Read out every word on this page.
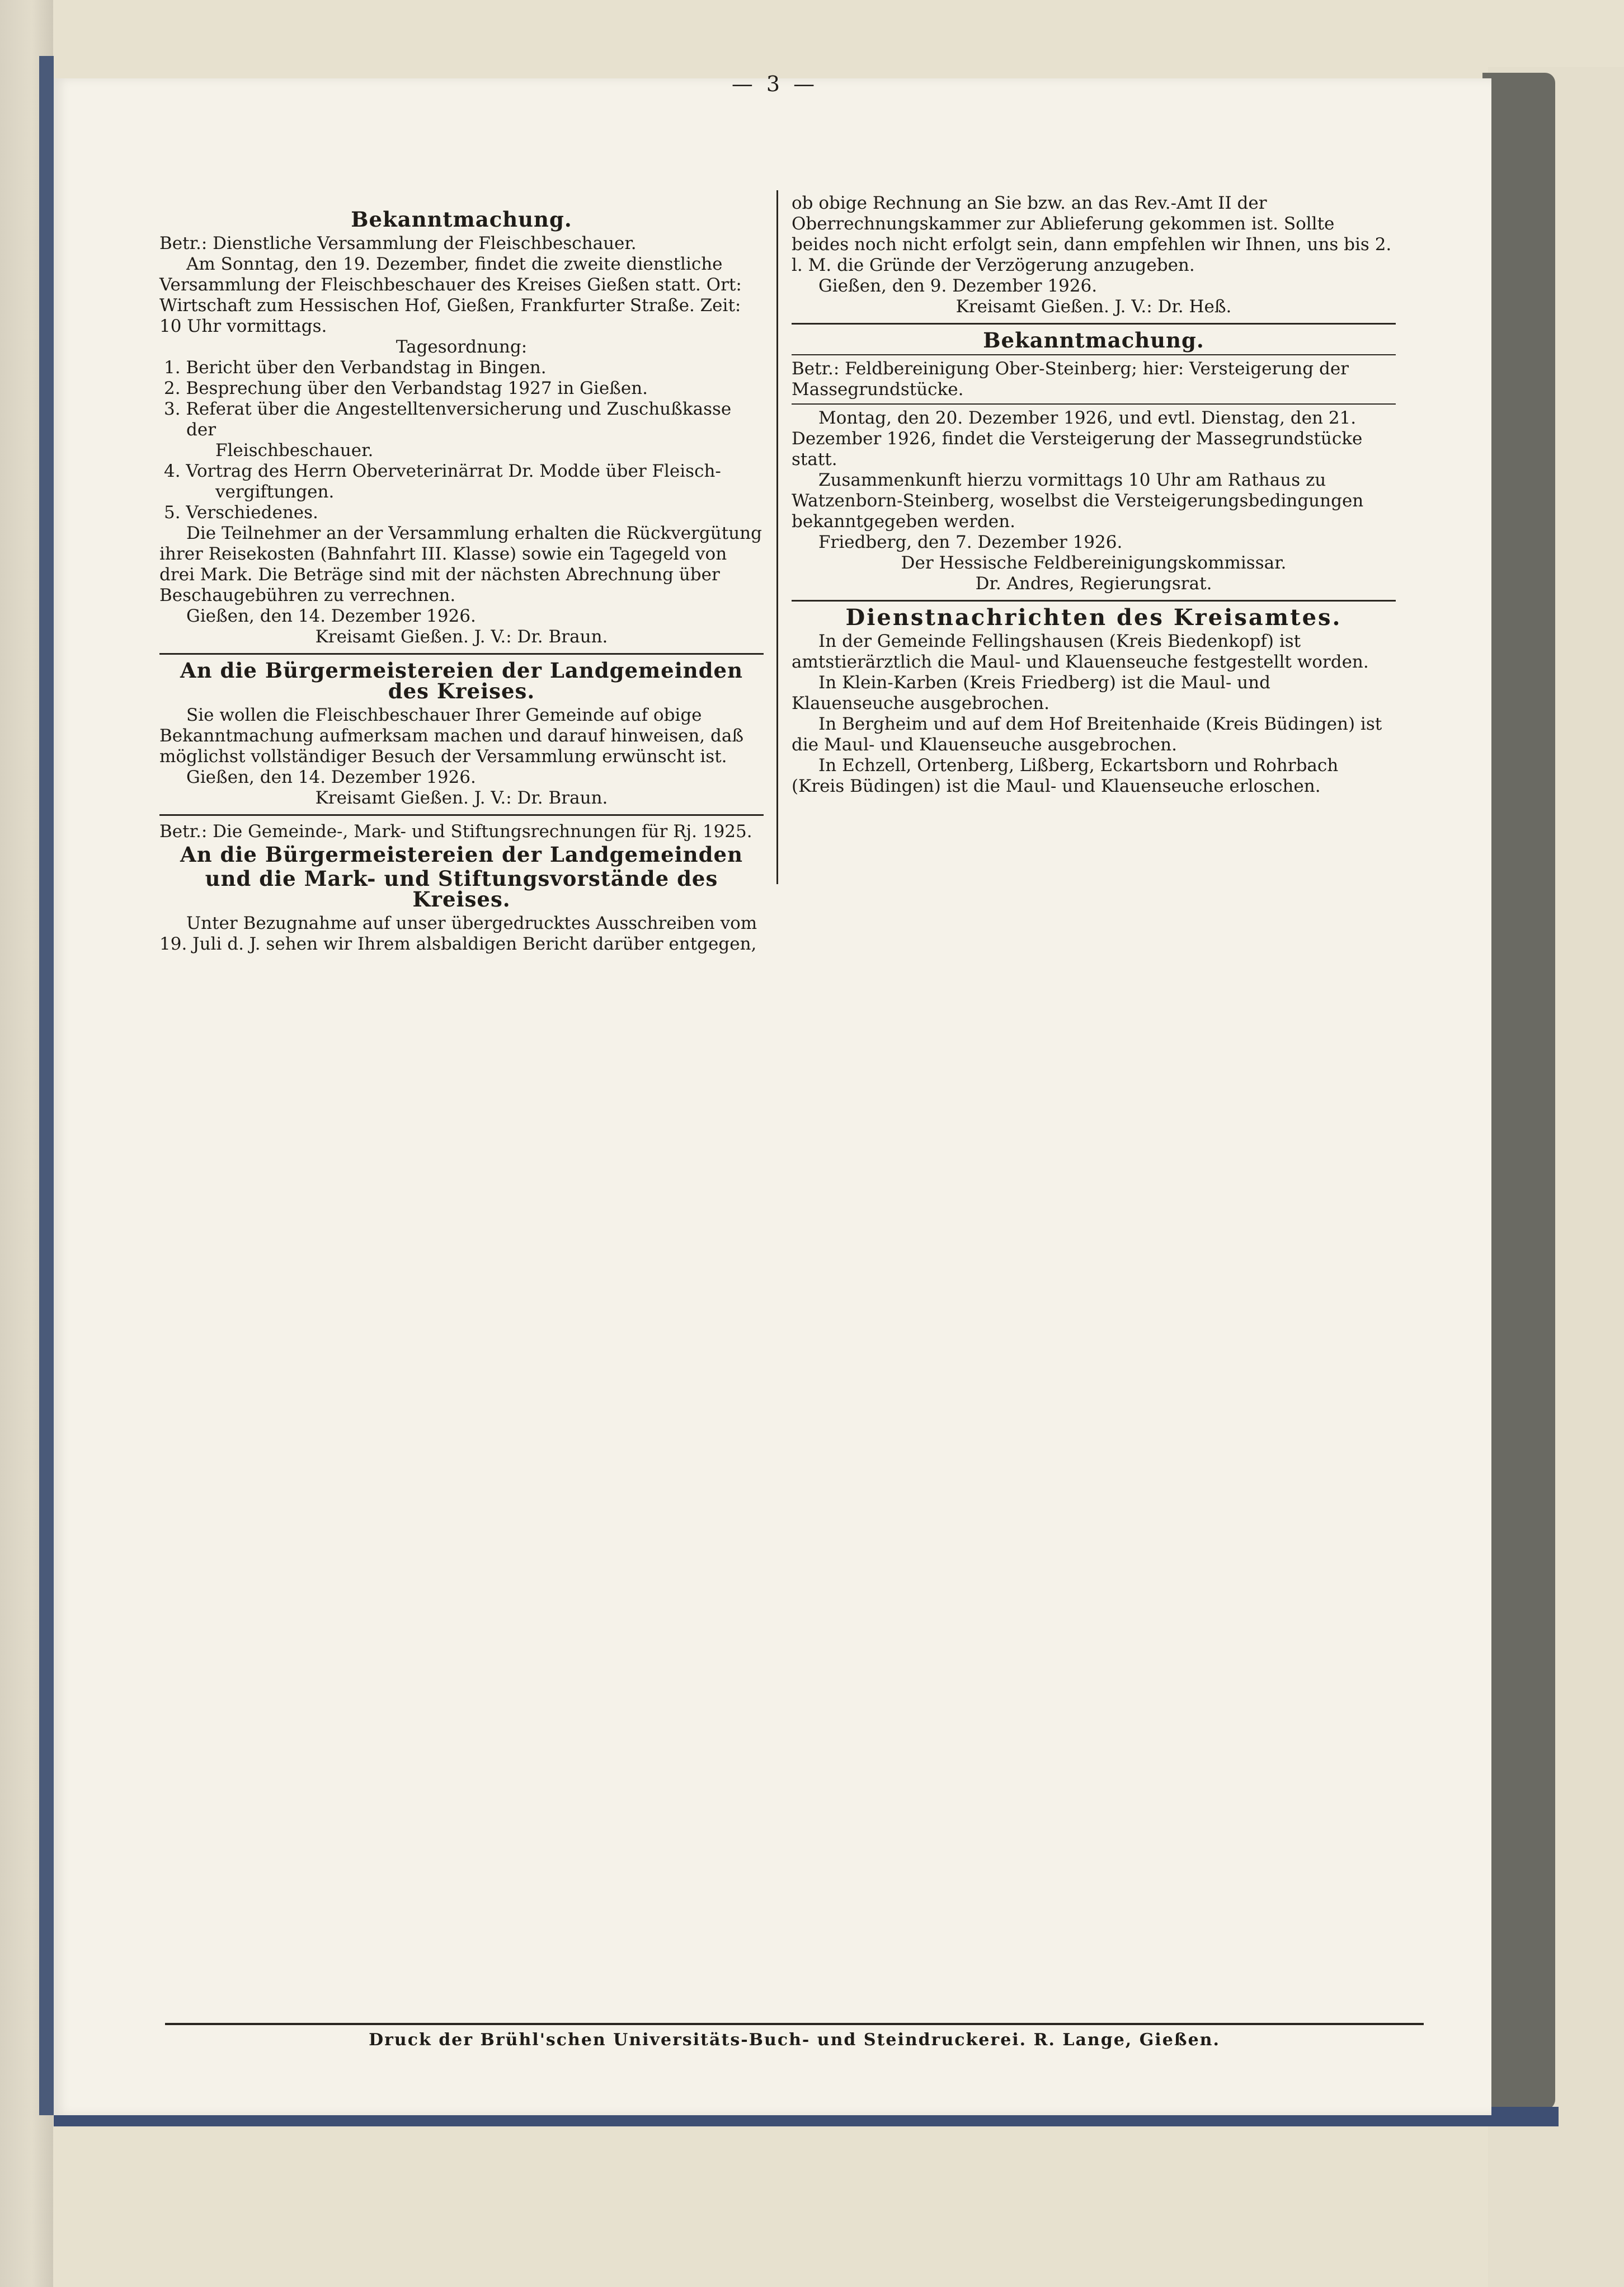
— 3 —

Bekanntmachung.

Betr.: Dienstliche Versammlung der Fleischbeschauer.

Am Sonntag, den 19. Dezember, findet die zweite dienstliche Versammlung der Fleischbeschauer des Kreises Gießen statt. Ort: Wirtschaft zum Hessischen Hof, Gießen, Frankfurter Straße. Zeit: 10 Uhr vormittags.

Tagesordnung:

1. Bericht über den Verbandstag in Bingen.

2. Besprechung über den Verbandstag 1927 in Gießen.

3. Referat über die Angestelltenversicherung und Zuschußkasse der

Fleischbeschauer.

4. Vortrag des Herrn Oberveterinärrat Dr. Modde über Fleisch-

vergiftungen.

5. Verschiedenes.

Die Teilnehmer an der Versammlung erhalten die Rückvergütung ihrer Reisekosten (Bahnfahrt III. Klasse) sowie ein Tagegeld von drei Mark. Die Beträge sind mit der nächsten Abrechnung über Beschaugebühren zu verrechnen.

Gießen, den 14. Dezember 1926.

Kreisamt Gießen. J. V.: Dr. Braun.

An die Bürgermeistereien der Landgemeinden des Kreises.

Sie wollen die Fleischbeschauer Ihrer Gemeinde auf obige Bekanntmachung aufmerksam machen und darauf hinweisen, daß möglichst vollständiger Besuch der Versammlung erwünscht ist.

Gießen, den 14. Dezember 1926.

Kreisamt Gießen. J. V.: Dr. Braun.

Betr.: Die Gemeinde-, Mark- und Stiftungsrechnungen für Rj. 1925.

An die Bürgermeistereien der Landgemeinden

und die Mark- und Stiftungsvorstände des Kreises.

Unter Bezugnahme auf unser übergedrucktes Ausschreiben vom 19. Juli d. J. sehen wir Ihrem alsbaldigen Bericht darüber entgegen,

ob obige Rechnung an Sie bzw. an das Rev.-Amt II der Oberrechnungskammer zur Ablieferung gekommen ist. Sollte beides noch nicht erfolgt sein, dann empfehlen wir Ihnen, uns bis 2. l. M. die Gründe der Verzögerung anzugeben.

Gießen, den 9. Dezember 1926.

Kreisamt Gießen. J. V.: Dr. Heß.

Bekanntmachung.

Betr.: Feldbereinigung Ober-Steinberg; hier: Versteigerung der Massegrundstücke.

Montag, den 20. Dezember 1926, und evtl. Dienstag, den 21. Dezember 1926, findet die Versteigerung der Massegrundstücke statt.

Zusammenkunft hierzu vormittags 10 Uhr am Rathaus zu Watzenborn-Steinberg, woselbst die Versteigerungsbedingungen bekanntgegeben werden.

Friedberg, den 7. Dezember 1926.

Der Hessische Feldbereinigungskommissar.

Dr. Andres, Regierungsrat.

Dienstnachrichten des Kreisamtes.

In der Gemeinde Fellingshausen (Kreis Biedenkopf) ist amtstierärztlich die Maul- und Klauenseuche festgestellt worden.

In Klein-Karben (Kreis Friedberg) ist die Maul- und Klauenseuche ausgebrochen.

In Bergheim und auf dem Hof Breitenhaide (Kreis Büdingen) ist die Maul- und Klauenseuche ausgebrochen.

In Echzell, Ortenberg, Lißberg, Eckartsborn und Rohrbach (Kreis Büdingen) ist die Maul- und Klauenseuche erloschen.

Druck der Brühl'schen Universitäts-Buch- und Steindruckerei. R. Lange, Gießen.
